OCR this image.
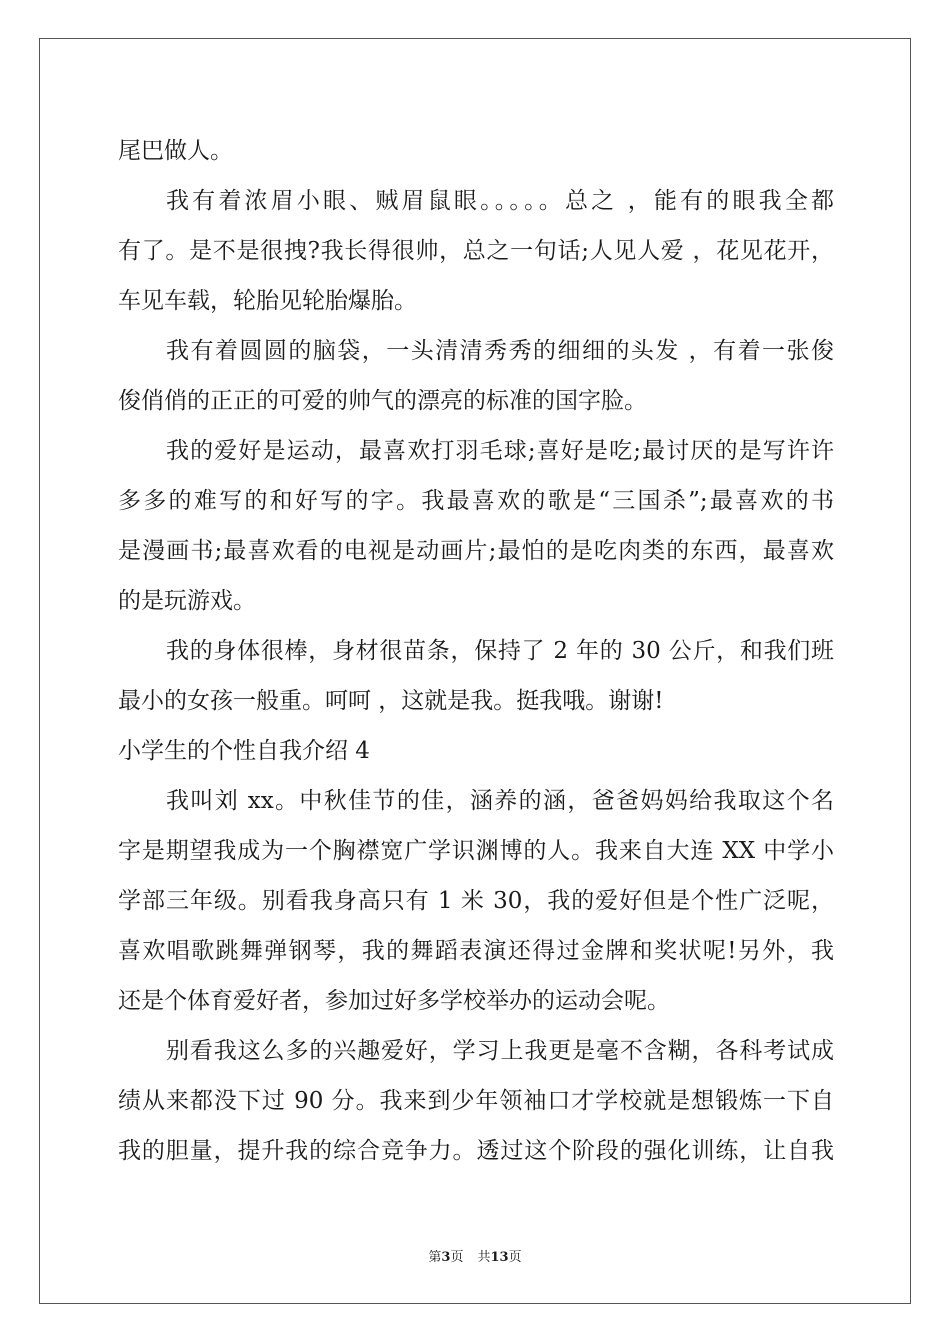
尾巴做人。
我有着浓眉小眼、贼眉鼠眼。。。。。总之 ，能有的眼我全都
有了。是不是很拽?我长得很帅，总之一句话;人见人爱 ，花见花开，
车见车载，轮胎见轮胎爆胎。
我有着圆圆的脑袋，一头清清秀秀的细细的头发 ，有着一张俊
俊俏俏的正正的可爱的帅气的漂亮的标准的国字脸。
我的爱好是运动，最喜欢打羽毛球;喜好是吃;最讨厌的是写许许
多多的难写的和好写的字。我最喜欢的歌是“三国杀”;最喜欢的书
是漫画书;最喜欢看的电视是动画片;最怕的是吃肉类的东西，最喜欢
的是玩游戏。
我的身体很棒，身材很苗条，保持了 2 年的 30 公斤，和我们班
最小的女孩一般重。呵呵 ，这就是我。挺我哦。谢谢!
小学生的个性自我介绍 4
我叫刘 xx。中秋佳节的佳，涵养的涵，爸爸妈妈给我取这个名
字是期望我成为一个胸襟宽广学识渊博的人。我来自大连 XX 中学小
学部三年级。别看我身高只有 1 米 30，我的爱好但是个性广泛呢，
喜欢唱歌跳舞弹钢琴，我的舞蹈表演还得过金牌和奖状呢!另外，我
还是个体育爱好者，参加过好多学校举办的运动会呢。
别看我这么多的兴趣爱好，学习上我更是毫不含糊，各科考试成
绩从来都没下过 90 分。我来到少年领袖口才学校就是想锻炼一下自
我的胆量，提升我的综合竞争力。透过这个阶段的强化训练，让自我
第3页 共13页
